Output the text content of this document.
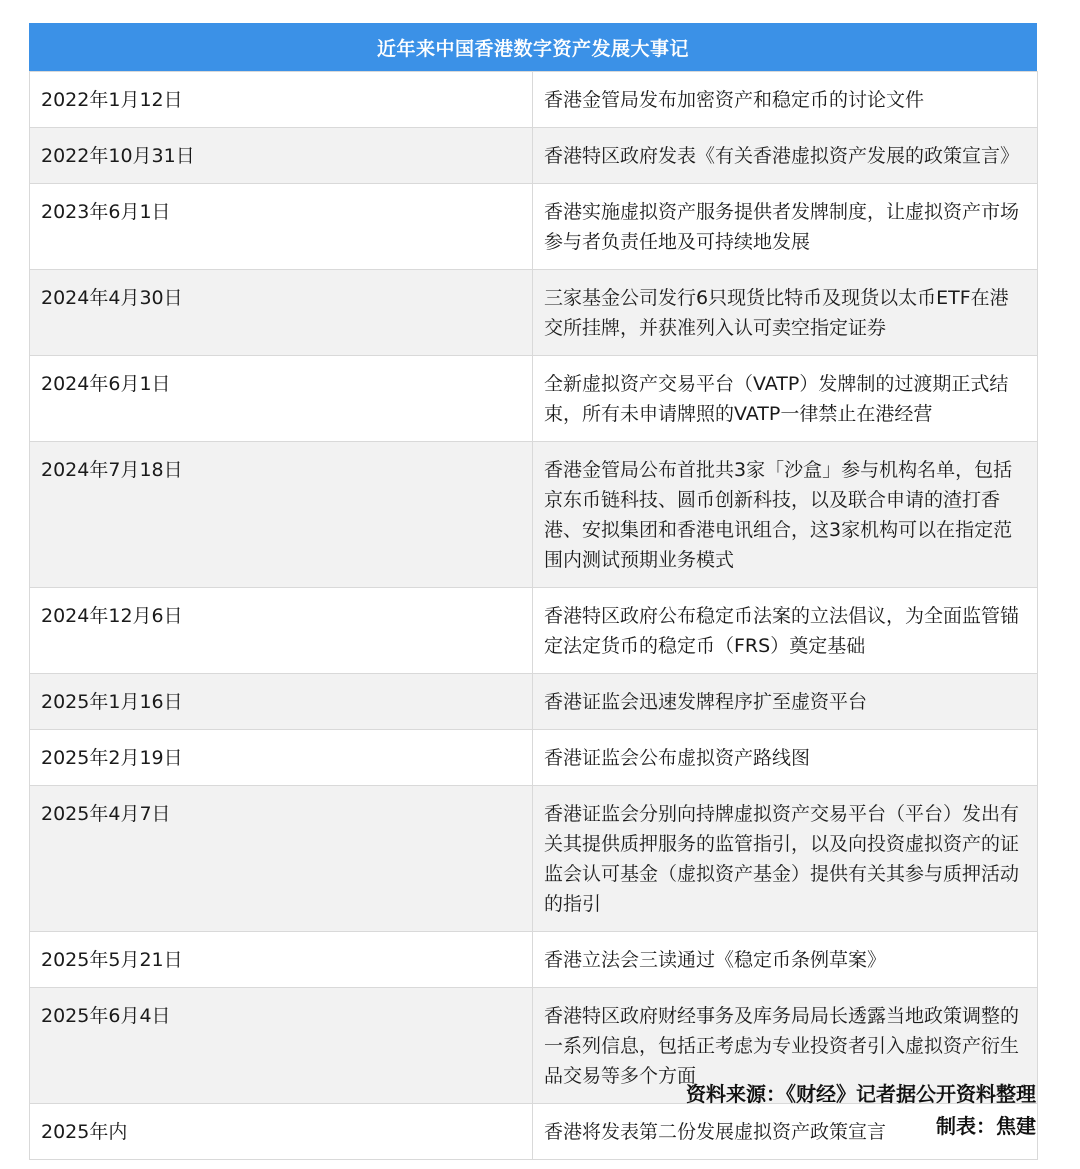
近年来中国香港数字资产发展大事记
2022年1月12日	香港金管局发布加密资产和稳定币的讨论文件
2022年10月31日	香港特区政府发表《有关香港虚拟资产发展的政策宣言》
2023年6月1日	香港实施虚拟资产服务提供者发牌制度，让虚拟资产市场参与者负责任地及可持续地发展
2024年4月30日	三家基金公司发行6只现货比特币及现货以太币ETF在港交所挂牌，并获准列入认可卖空指定证券
2024年6月1日	全新虚拟资产交易平台（VATP）发牌制的过渡期正式结束，所有未申请牌照的VATP一律禁止在港经营
2024年7月18日	香港金管局公布首批共3家「沙盒」参与机构名单，包括京东币链科技、圆币创新科技，以及联合申请的渣打香港、安拟集团和香港电讯组合，这3家机构可以在指定范围内测试预期业务模式
2024年12月6日	香港特区政府公布稳定币法案的立法倡议，为全面监管锚定法定货币的稳定币（FRS）奠定基础
2025年1月16日	香港证监会迅速发牌程序扩至虚资平台
2025年2月19日	香港证监会公布虚拟资产路线图
2025年4月7日	香港证监会分别向持牌虚拟资产交易平台（平台）发出有关其提供质押服务的监管指引，以及向投资虚拟资产的证监会认可基金（虚拟资产基金）提供有关其参与质押活动的指引
2025年5月21日	香港立法会三读通过《稳定币条例草案》
2025年6月4日	香港特区政府财经事务及库务局局长透露当地政策调整的一系列信息，包括正考虑为专业投资者引入虚拟资产衍生品交易等多个方面
2025年内	香港将发表第二份发展虚拟资产政策宣言
资料来源：《财经》记者据公开资料整理
制表：焦建
